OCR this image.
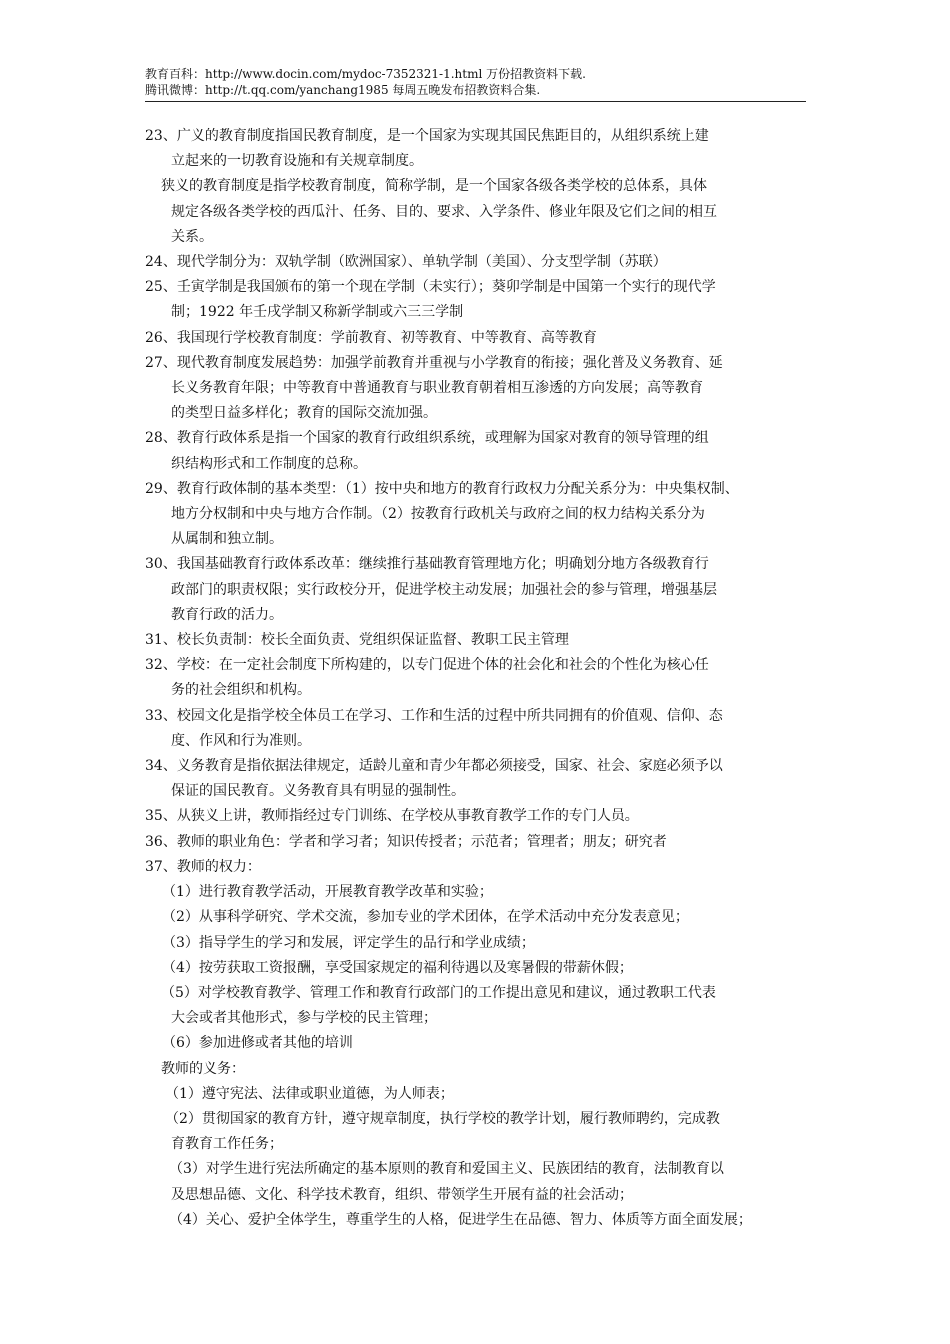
教育百科：http://www.docin.com/mydoc-7352321-1.html 万份招教资料下载.
腾讯微博：http://t.qq.com/yanchang1985 每周五晚发布招教资料合集.
23、广义的教育制度指国民教育制度，是一个国家为实现其国民焦距目的，从组织系统上建
立起来的一切教育设施和有关规章制度。
狭义的教育制度是指学校教育制度，简称学制，是一个国家各级各类学校的总体系，具体
规定各级各类学校的西瓜汁、任务、目的、要求、入学条件、修业年限及它们之间的相互
关系。
24、现代学制分为：双轨学制（欧洲国家）、单轨学制（美国）、分支型学制（苏联）
25、壬寅学制是我国颁布的第一个现在学制（未实行）；葵卯学制是中国第一个实行的现代学
制；1922 年壬戌学制又称新学制或六三三学制
26、我国现行学校教育制度：学前教育、初等教育、中等教育、高等教育
27、现代教育制度发展趋势：加强学前教育并重视与小学教育的衔接；强化普及义务教育、延
长义务教育年限；中等教育中普通教育与职业教育朝着相互渗透的方向发展；高等教育
的类型日益多样化；教育的国际交流加强。
28、教育行政体系是指一个国家的教育行政组织系统，或理解为国家对教育的领导管理的组
织结构形式和工作制度的总称。
29、教育行政体制的基本类型：（1）按中央和地方的教育行政权力分配关系分为：中央集权制、
地方分权制和中央与地方合作制。（2）按教育行政机关与政府之间的权力结构关系分为
从属制和独立制。
30、我国基础教育行政体系改革：继续推行基础教育管理地方化；明确划分地方各级教育行
政部门的职责权限；实行政校分开，促进学校主动发展；加强社会的参与管理，增强基层
教育行政的活力。
31、校长负责制：校长全面负责、党组织保证监督、教职工民主管理
32、学校：在一定社会制度下所构建的，以专门促进个体的社会化和社会的个性化为核心任
务的社会组织和机构。
33、校园文化是指学校全体员工在学习、工作和生活的过程中所共同拥有的价值观、信仰、态
度、作风和行为准则。
34、义务教育是指依据法律规定，适龄儿童和青少年都必须接受，国家、社会、家庭必须予以
保证的国民教育。义务教育具有明显的强制性。
35、从狭义上讲，教师指经过专门训练、在学校从事教育教学工作的专门人员。
36、教师的职业角色：学者和学习者；知识传授者；示范者；管理者；朋友；研究者
37、教师的权力：
（1）进行教育教学活动，开展教育教学改革和实验；
（2）从事科学研究、学术交流，参加专业的学术团体，在学术活动中充分发表意见；
（3）指导学生的学习和发展，评定学生的品行和学业成绩；
（4）按劳获取工资报酬，享受国家规定的福利待遇以及寒暑假的带薪休假；
（5）对学校教育教学、管理工作和教育行政部门的工作提出意见和建议，通过教职工代表
大会或者其他形式，参与学校的民主管理；
（6）参加进修或者其他的培训
教师的义务：
（1）遵守宪法、法律或职业道德，为人师表；
（2）贯彻国家的教育方针，遵守规章制度，执行学校的教学计划，履行教师聘约，完成教
育教育工作任务；
（3）对学生进行宪法所确定的基本原则的教育和爱国主义、民族团结的教育，法制教育以
及思想品德、文化、科学技术教育，组织、带领学生开展有益的社会活动；
（4）关心、爱护全体学生，尊重学生的人格，促进学生在品德、智力、体质等方面全面发展；
